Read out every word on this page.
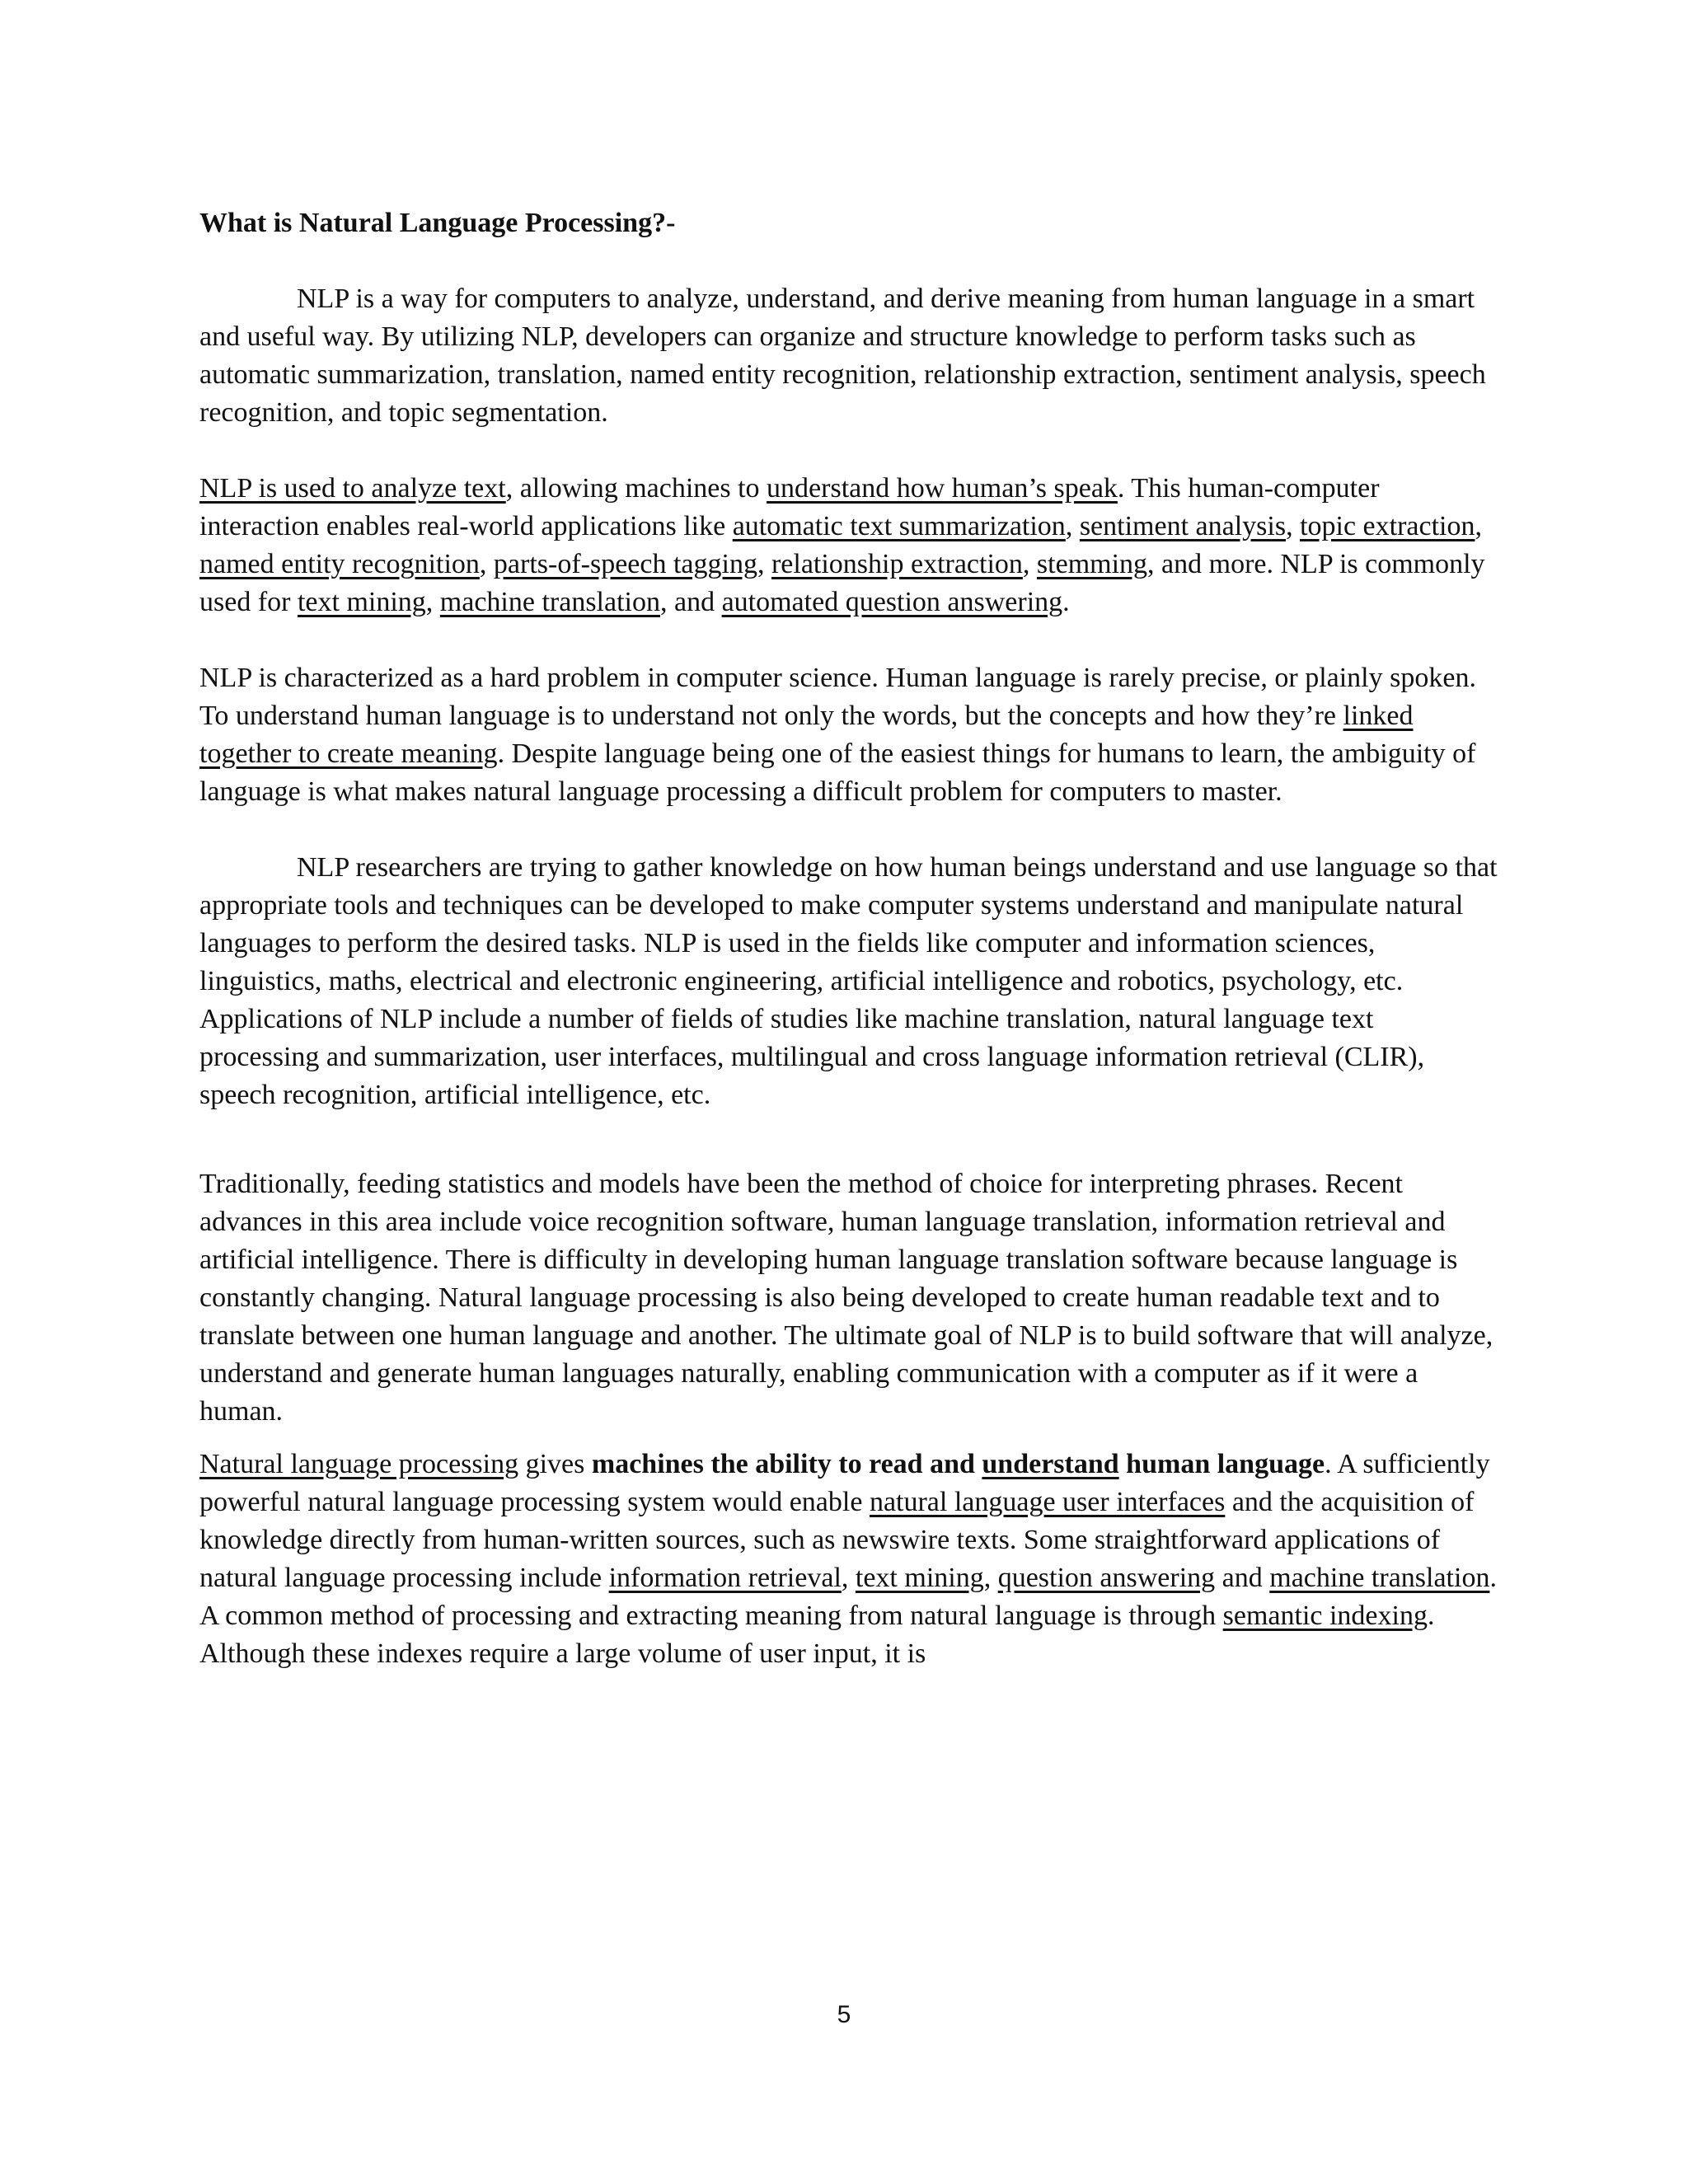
What is Natural Language Processing?-

NLP is a way for computers to analyze, understand, and derive meaning from human language in a smart and useful way. By utilizing NLP, developers can organize and structure knowledge to perform tasks such as automatic summarization, translation, named entity recognition, relationship extraction, sentiment analysis, speech recognition, and topic segmentation.

NLP is used to analyze text, allowing machines to understand how human’s speak. This human-computer interaction enables real-world applications like automatic text summarization, sentiment analysis, topic extraction, named entity recognition, parts-of-speech tagging, relationship extraction, stemming, and more. NLP is commonly used for text mining, machine translation, and automated question answering.

NLP is characterized as a hard problem in computer science. Human language is rarely precise, or plainly spoken. To understand human language is to understand not only the words, but the concepts and how they’re linked together to create meaning. Despite language being one of the easiest things for humans to learn, the ambiguity of language is what makes natural language processing a difficult problem for computers to master.

NLP researchers are trying to gather knowledge on how human beings understand and use language so that appropriate tools and techniques can be developed to make computer systems understand and manipulate natural languages to perform the desired tasks. NLP is used in the fields like computer and information sciences, linguistics, maths, electrical and electronic engineering, artificial intelligence and robotics, psychology, etc. Applications of NLP include a number of fields of studies like machine translation, natural language text processing and summarization, user interfaces, multilingual and cross language information retrieval (CLIR), speech recognition, artificial intelligence, etc.

Traditionally, feeding statistics and models have been the method of choice for interpreting phrases. Recent advances in this area include voice recognition software, human language translation, information retrieval and artificial intelligence. There is difficulty in developing human language translation software because language is constantly changing. Natural language processing is also being developed to create human readable text and to translate between one human language and another. The ultimate goal of NLP is to build software that will analyze, understand and generate human languages naturally, enabling communication with a computer as if it were a human.

Natural language processing gives machines the ability to read and understand human language. A sufficiently powerful natural language processing system would enable natural language user interfaces and the acquisition of knowledge directly from human-written sources, such as newswire texts. Some straightforward applications of natural language processing include information retrieval, text mining, question answering and machine translation. A common method of processing and extracting meaning from natural language is through semantic indexing. Although these indexes require a large volume of user input, it is

5
